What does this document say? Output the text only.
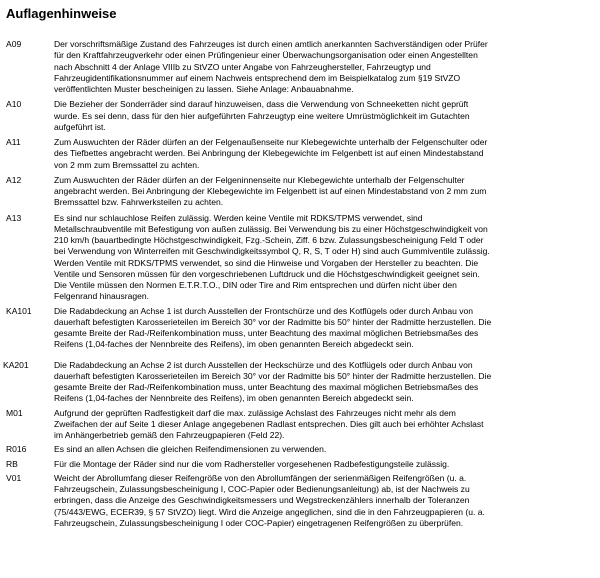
Auflagenhinweise
A09	Der vorschriftsmäßige Zustand des Fahrzeuges ist durch einen amtlich anerkannten Sachverständigen oder Prüfer
für den Kraftfahrzeugverkehr oder einen Prüfingenieur einer Überwachungsorganisation oder einen Angestellten
nach Abschnitt 4 der Anlage VIIIb zu StVZO unter Angabe von Fahrzeughersteller, Fahrzeugtyp und
Fahrzeugidentifikationsnummer auf einem Nachweis entsprechend dem im Beispielkatalog zum §19 StVZO
veröffentlichten Muster bescheinigen zu lassen. Siehe Anlage: Anbauabnahme.
A10	Die Bezieher der Sonderräder sind darauf hinzuweisen, dass die Verwendung von Schneeketten nicht geprüft
wurde. Es sei denn, dass für den hier aufgeführten Fahrzeugtyp eine weitere Umrüstmöglichkeit im Gutachten
aufgeführt ist.
A11	Zum Auswuchten der Räder dürfen an der Felgenaußenseite nur Klebegewichte unterhalb der Felgenschulter oder
des Tiefbettes angebracht werden. Bei Anbringung der Klebegewichte im Felgenbett ist auf einen Mindestabstand
von 2 mm zum Bremssattel zu achten.
A12	Zum Auswuchten der Räder dürfen an der Felgeninnenseite nur Klebegewichte unterhalb der Felgenschulter
angebracht werden. Bei Anbringung der Klebegewichte im Felgenbett ist auf einen Mindestabstand von 2 mm zum
Bremssattel bzw. Fahrwerksteilen zu achten.
A13	Es sind nur schlauchlose Reifen zulässig. Werden keine Ventile mit RDKS/TPMS verwendet, sind
Metallschraubventile mit Befestigung von außen zulässig. Bei Verwendung bis zu einer Höchstgeschwindigkeit von
210 km/h (bauartbedingte Höchstgeschwindigkeit, Fzg.-Schein, Ziff. 6 bzw. Zulassungsbescheinigung Feld T oder
bei Verwendung von Winterreifen mit Geschwindigkeitssymbol Q, R, S, T oder H) sind auch Gummiventile zulässig.
Werden Ventile mit RDKS/TPMS verwendet, so sind die Hinweise und Vorgaben der Hersteller zu beachten. Die
Ventile und Sensoren müssen für den vorgeschriebenen Luftdruck und die Höchstgeschwindigkeit geeignet sein.
Die Ventile müssen den Normen E.T.R.T.O., DIN oder Tire and Rim entsprechen und dürfen nicht über den
Felgenrand hinausragen.
KA101	Die Radabdeckung an Achse 1 ist durch Ausstellen der Frontschürze und des Kotflügels oder durch Anbau von
dauerhaft befestigten Karosserieteilen im Bereich 30° vor der Radmitte bis 50° hinter der Radmitte herzustellen. Die
gesamte Breite der Rad-/Reifenkombination muss, unter Beachtung des maximal möglichen Betriebsmaßes des
Reifens (1,04-faches der Nennbreite des Reifens), im oben genannten Bereich abgedeckt sein.
KA201	Die Radabdeckung an Achse 2 ist durch Ausstellen der Heckschürze und des Kotflügels oder durch Anbau von
dauerhaft befestigten Karosserieteilen im Bereich 30° vor der Radmitte bis 50° hinter der Radmitte herzustellen. Die
gesamte Breite der Rad-/Reifenkombination muss, unter Beachtung des maximal möglichen Betriebsmaßes des
Reifens (1,04-faches der Nennbreite des Reifens), im oben genannten Bereich abgedeckt sein.
M01	Aufgrund der geprüften Radfestigkeit darf die max. zulässige Achslast des Fahrzeuges nicht mehr als dem
Zweifachen der auf Seite 1 dieser Anlage angegebenen Radlast entsprechen. Dies gilt auch bei erhöhter Achslast
im Anhängerbetrieb gemäß den Fahrzeugpapieren (Feld 22).
R016	Es sind an allen Achsen die gleichen Reifendimensionen zu verwenden.
RB	Für die Montage der Räder sind nur die vom Radhersteller vorgesehenen Radbefestigungsteile zulässig.
V01	Weicht der Abrollumfang dieser Reifengröße von den Abrollumfängen der serienmäßigen Reifengrößen (u. a.
Fahrzeugschein, Zulassungsbescheinigung I, COC-Papier oder Bedienungsanleitung) ab, ist der Nachweis zu
erbringen, dass die Anzeige des Geschwindigkeitsmessers und Wegstreckenzählers innerhalb der Toleranzen
(75/443/EWG, ECER39, § 57 StVZO) liegt. Wird die Anzeige angeglichen, sind die in den Fahrzeugpapieren (u. a.
Fahrzeugschein, Zulassungsbescheinigung I oder COC-Papier) eingetragenen Reifengrößen zu überprüfen.
